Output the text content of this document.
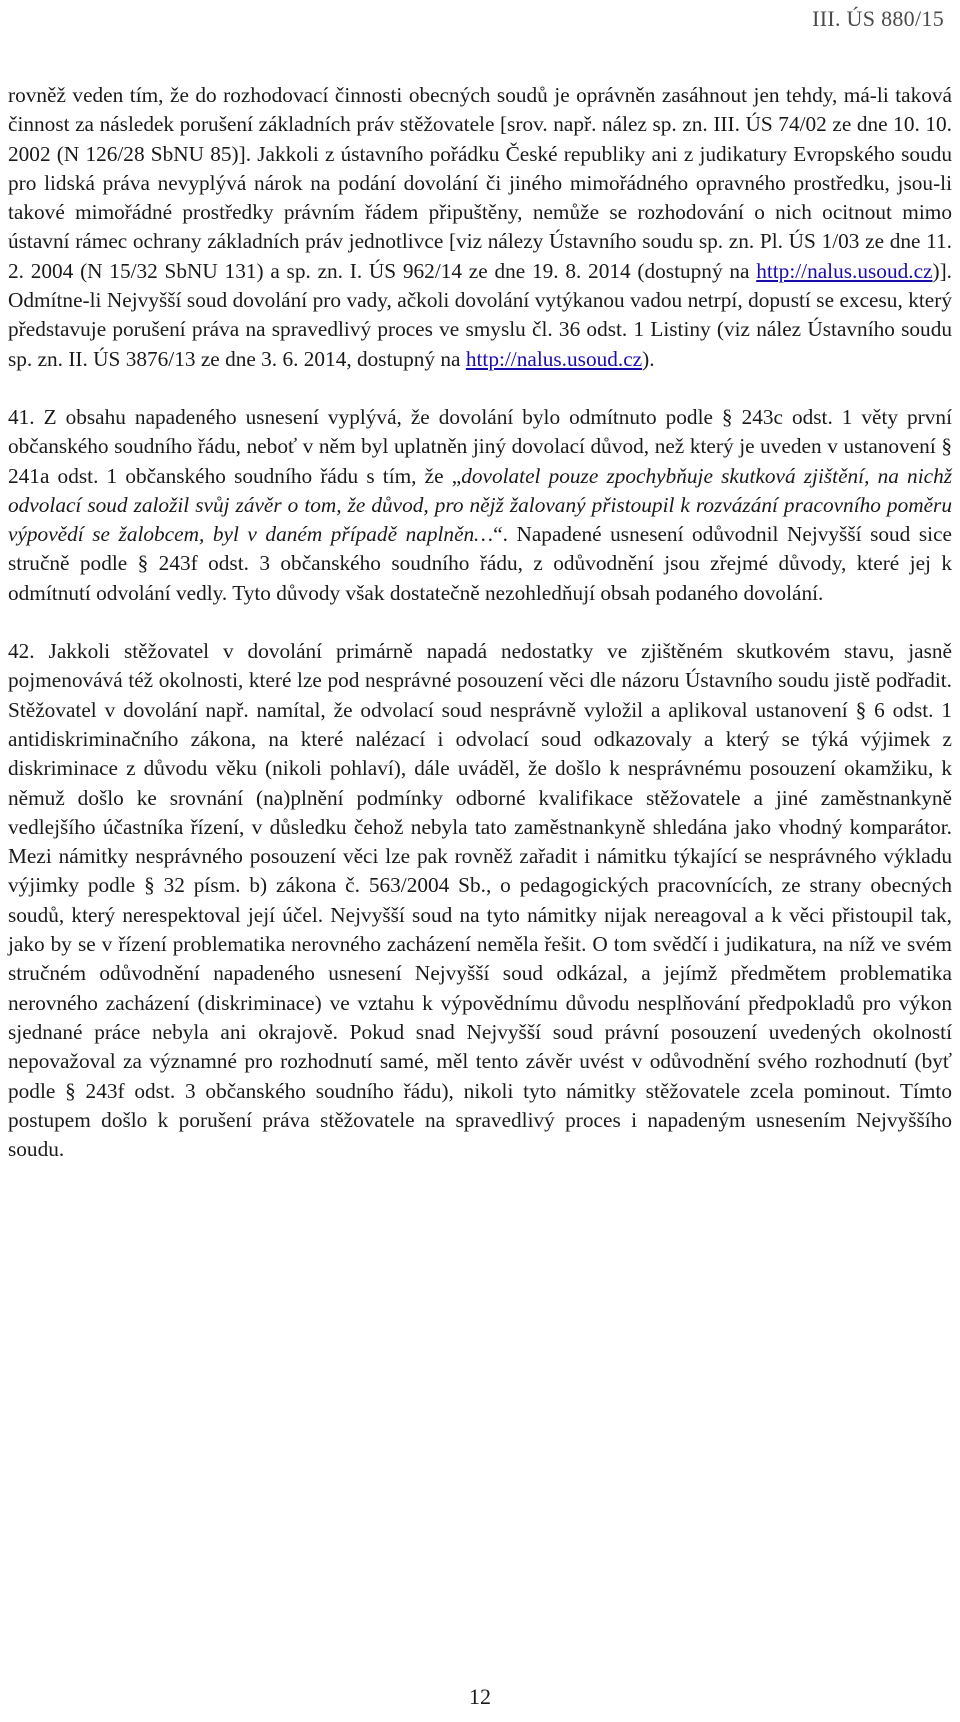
III. ÚS 880/15

rovněž veden tím, že do rozhodovací činnosti obecných soudů je oprávněn zasáhnout jen tehdy, má-li taková činnost za následek porušení základních práv stěžovatele [srov. např. nález sp. zn. III. ÚS 74/02 ze dne 10. 10. 2002 (N 126/28 SbNU 85)]. Jakkoli z ústavního pořádku České republiky ani z judikatury Evropského soudu pro lidská práva nevyplývá nárok na podání dovolání či jiného mimořádného opravného prostředku, jsou-li takové mimořádné prostředky právním řádem připuštěny, nemůže se rozhodování o nich ocitnout mimo ústavní rámec ochrany základních práv jednotlivce [viz nálezy Ústavního soudu sp. zn. Pl. ÚS 1/03 ze dne 11. 2. 2004 (N 15/32 SbNU 131) a sp. zn. I. ÚS 962/14 ze dne 19. 8. 2014 (dostupný na http://nalus.usoud.cz)]. Odmítne-li Nejvyšší soud dovolání pro vady, ačkoli dovolání vytýkanou vadou netrpí, dopustí se excesu, který představuje porušení práva na spravedlivý proces ve smyslu čl. 36 odst. 1 Listiny (viz nález Ústavního soudu sp. zn. II. ÚS 3876/13 ze dne 3. 6. 2014, dostupný na http://nalus.usoud.cz).

41. Z obsahu napadeného usnesení vyplývá, že dovolání bylo odmítnuto podle § 243c odst. 1 věty první občanského soudního řádu, neboť v něm byl uplatněn jiný dovolací důvod, než který je uveden v ustanovení § 241a odst. 1 občanského soudního řádu s tím, že „dovolatel pouze zpochybňuje skutková zjištění, na nichž odvolací soud založil svůj závěr o tom, že důvod, pro nějž žalovaný přistoupil k rozvázání pracovního poměru výpovědí se žalobcem, byl v daném případě naplněn…“. Napadené usnesení odůvodnil Nejvyšší soud sice stručně podle § 243f odst. 3 občanského soudního řádu, z odůvodnění jsou zřejmé důvody, které jej k odmítnutí odvolání vedly. Tyto důvody však dostatečně nezohledňují obsah podaného dovolání.

42. Jakkoli stěžovatel v dovolání primárně napadá nedostatky ve zjištěném skutkovém stavu, jasně pojmenovává též okolnosti, které lze pod nesprávné posouzení věci dle názoru Ústavního soudu jistě podřadit. Stěžovatel v dovolání např. namítal, že odvolací soud nesprávně vyložil a aplikoval ustanovení § 6 odst. 1 antidiskriminačního zákona, na které nalézací i odvolací soud odkazovaly a který se týká výjimek z diskriminace z důvodu věku (nikoli pohlaví), dále uváděl, že došlo k nesprávnému posouzení okamžiku, k němuž došlo ke srovnání (na)plnění podmínky odborné kvalifikace stěžovatele a jiné zaměstnankyně vedlejšího účastníka řízení, v důsledku čehož nebyla tato zaměstnankyně shledána jako vhodný komparátor. Mezi námitky nesprávného posouzení věci lze pak rovněž zařadit i námitku týkající se nesprávného výkladu výjimky podle § 32 písm. b) zákona č. 563/2004 Sb., o pedagogických pracovnících, ze strany obecných soudů, který nerespektoval její účel. Nejvyšší soud na tyto námitky nijak nereagoval a k věci přistoupil tak, jako by se v řízení problematika nerovného zacházení neměla řešit. O tom svědčí i judikatura, na níž ve svém stručném odůvodnění napadeného usnesení Nejvyšší soud odkázal, a jejímž předmětem problematika nerovného zacházení (diskriminace) ve vztahu k výpovědnímu důvodu nesplňování předpokladů pro výkon sjednané práce nebyla ani okrajově. Pokud snad Nejvyšší soud právní posouzení uvedených okolností nepovažoval za významné pro rozhodnutí samé, měl tento závěr uvést v odůvodnění svého rozhodnutí (byť podle § 243f odst. 3 občanského soudního řádu), nikoli tyto námitky stěžovatele zcela pominout. Tímto postupem došlo k porušení práva stěžovatele na spravedlivý proces i napadeným usnesením Nejvyššího soudu.

12
